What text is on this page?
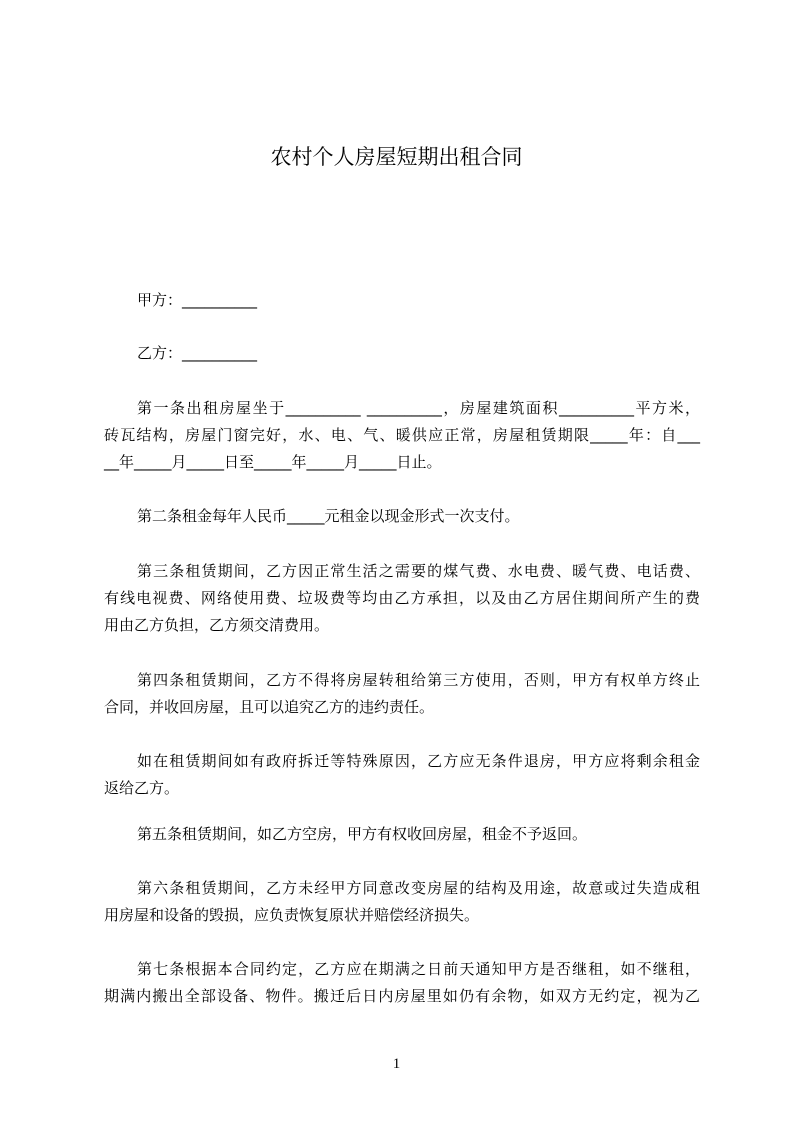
农村个人房屋短期出租合同
甲方：__________
乙方：__________
第一条出租房屋坐于__________ __________，房屋建筑面积__________平方米，
砖瓦结构，房屋门窗完好，水、电、气、暖供应正常，房屋租赁期限_____年：自___
__年_____月_____日至_____年_____月_____日止。
第二条租金每年人民币_____元租金以现金形式一次支付。
第三条租赁期间，乙方因正常生活之需要的煤气费、水电费、暖气费、电话费、
有线电视费、网络使用费、垃圾费等均由乙方承担，以及由乙方居住期间所产生的费
用由乙方负担，乙方须交清费用。
第四条租赁期间，乙方不得将房屋转租给第三方使用，否则，甲方有权单方终止
合同，并收回房屋，且可以追究乙方的违约责任。
如在租赁期间如有政府拆迁等特殊原因，乙方应无条件退房，甲方应将剩余租金
返给乙方。
第五条租赁期间，如乙方空房，甲方有权收回房屋，租金不予返回。
第六条租赁期间，乙方未经甲方同意改变房屋的结构及用途，故意或过失造成租
用房屋和设备的毁损，应负责恢复原状并赔偿经济损失。
第七条根据本合同约定，乙方应在期满之日前天通知甲方是否继租，如不继租，
期满内搬出全部设备、物件。搬迁后日内房屋里如仍有余物，如双方无约定，视为乙
1
